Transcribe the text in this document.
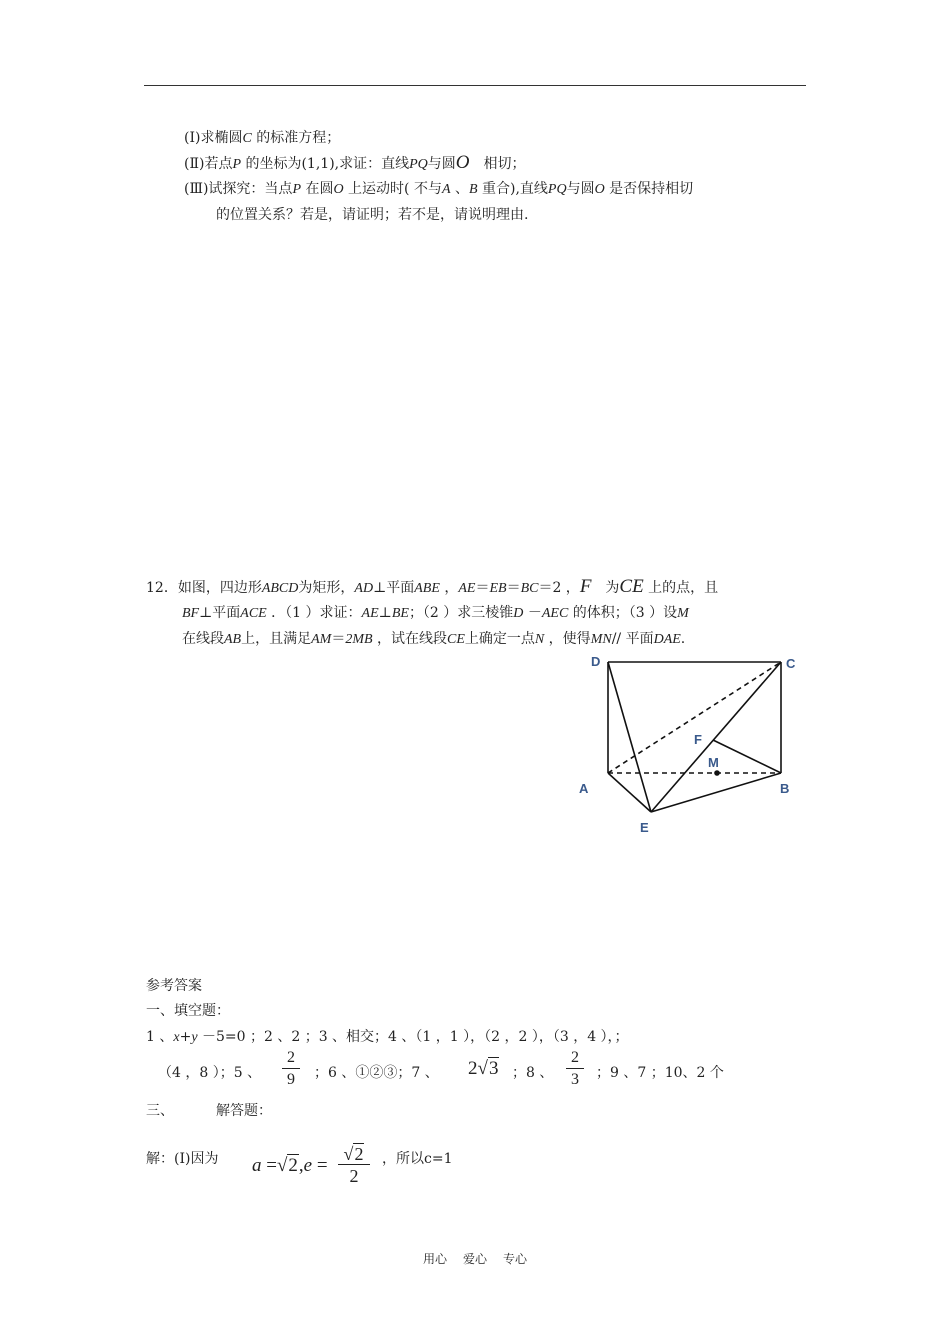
(Ⅰ)求椭圆C 的标准方程；
(Ⅱ)若点P 的坐标为(1,1),求证：直线PQ与圆O　相切；
(Ⅲ)试探究：当点P 在圆O 上运动时( 不与A 、B 重合),直线PQ与圆O 是否保持相切
的位置关系？若是，请证明；若不是，请说明理由.
12．如图，四边形ABCD为矩形，AD⊥平面ABE ，AE＝EB＝BC＝2 ，F　为CE 上的点，且
BF⊥平面ACE ．（1 ）求证：AE⊥BE；（2 ）求三棱锥D －AEC 的体积；（3 ）设M
在线段AB上，且满足AM＝2MB ，试在线段CE上确定一点N ，使得MN// 平面DAE.
D	C
F
M
A	B
E
参考答案
一、填空题：
1 、x+y －5=0 ；2 、2 ；3 、相交；4 、（1 ，1 ），（2 ，2 ），（3 ，4 ），；
（4 ，8 ）；5 、 $\frac{2}{9}$ ；6 、①②③；7 、 2√3 ；8 、 $\frac{2}{3}$ ；9 、7 ；10、2 个
三、	解答题：
解：(Ⅰ)因为 $a =√2,e = \frac{√2}{2}$ ，所以c=1
用心 爱心 专心
